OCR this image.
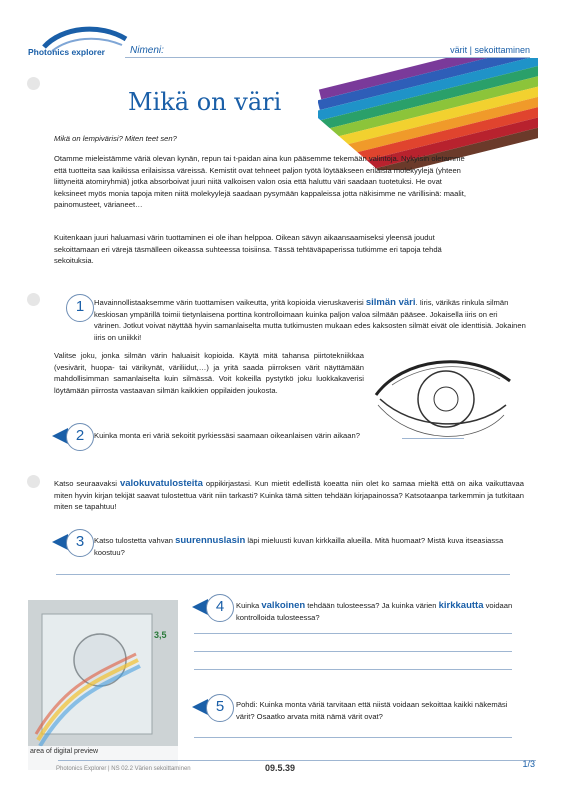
Photonics explorer	Nimeni:	värit | sekoittaminen
Mikä on väri
Mikä on lempivärisi? Miten teet sen?
Otamme mieleistämme väriä olevan kynän, repun tai t-paidan aina kun pääsemme tekemään valintoja. Nykyisin oletamme että tuotteita saa kaikissa erilaisissa väreissä. Kemistit ovat tehneet paljon työtä löytääkseen erilaisia molekyylejä (yhteen liittyneitä atomiryhmiä) jotka absorboivat juuri niitä valkoisen valon osia että haluttu väri saadaan tuotetuksi. He ovat keksineet myös monia tapoja miten niitä molekyylejä saadaan pysymään kappaleissa jotta näkisimme ne värillisinä: maalit, painomusteet, värianeet…
Kuitenkaan juuri haluamasi värin tuottaminen ei ole ihan helppoa. Oikean sävyn aikaansaamiseksi yleensä joudut sekoittamaan eri värejä täsmälleen oikeassa suhteessa toisiinsa. Tässä tehtäväpaperissa tutkimme eri tapoja tehdä sekoituksia.
1	Havainnollistaaksemme värin tuottamisen vaikeutta, yritä kopioida vieruskaverisi silmän väri. Iiris, värikäs rinkula silmän keskiosan ympärillä toimii tietynlaisena porttina kontrolloimaan kuinka paljon valoa silmään pääsee. Jokaisella iiris on eri värinen. Jotkut voivat näyttää hyvin samanlaiselta mutta tutkimusten mukaan edes kaksosten silmät eivät ole identtisiä. Jokainen iiris on uniikki!
Valitse joku, jonka silmän värin haluaisit kopioida. Käytä mitä tahansa piirtotekniikkaa (vesivärit, huopa- tai värikynät, väriliidut,…) ja yritä saada piirroksen värit näyttämään mahdollisimman samanlaiselta kuin silmässä. Voit kokeilla pystytkö joku luokkakaverisi löytämään piirrosta vastaavan silmän kaikkien oppilaiden joukosta.
2	Kuinka monta eri väriä sekoitit pyrkiessäsi saamaan oikeanlaisen värin aikaan?
Katso seuraavaksi valokuvatulosteita oppikirjastasi. Kun mietit edellistä koeatta niin olet ko samaa mieltä että on aika vaikuttavaa miten hyvin kirjan tekijät saavat tulostettua värit niin tarkasti? Kuinka tämä sitten tehdään kirjapainossa? Katsotaanpa tarkemmin ja tutkitaan miten se tapahtuu!
3	Katso tulostetta vahvan suurennuslasin läpi mieluusti kuvan kirkkailla alueilla. Mitä huomaat? Mistä kuva itseasiassa koostuu?
3,5
area of digital preview
4	Kuinka valkoinen tehdään tulosteessa? Ja kuinka värien kirkkautta voidaan kontrolloida tulosteessa?
5	Pohdi: Kuinka monta väriä tarvitaan että niistä voidaan sekoittaa kaikki näkemäsi värit? Osaatko arvata mitä nämä värit ovat?
Photonics Explorer | NS 02.2 Värien sekoittaminen	09.5.39	1/3
